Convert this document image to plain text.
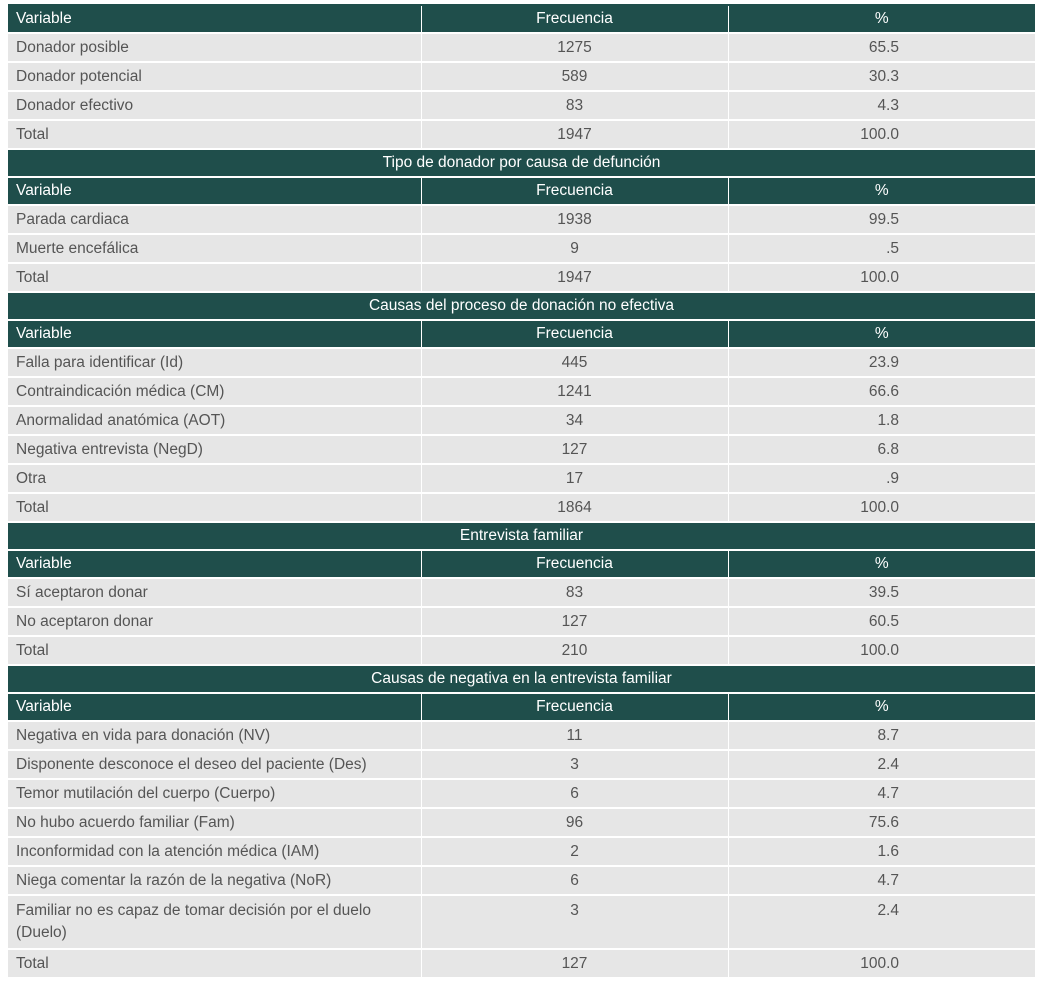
Variable	Frecuencia	%
Donador posible	1275	65.5
Donador potencial	589	30.3
Donador efectivo	83	4.3
Total	1947	100.0
Tipo de donador por causa de defunción		
Variable	Frecuencia	%
Parada cardiaca	1938	99.5
Muerte encefálica	9	.5
Total	1947	100.0
Causas del proceso de donación no efectiva		
Variable	Frecuencia	%
Falla para identificar (Id)	445	23.9
Contraindicación médica (CM)	1241	66.6
Anormalidad anatómica (AOT)	34	1.8
Negativa entrevista (NegD)	127	6.8
Otra	17	.9
Total	1864	100.0
Entrevista familiar		
Variable	Frecuencia	%
Sí aceptaron donar	83	39.5
No aceptaron donar	127	60.5
Total	210	100.0
Causas de negativa en la entrevista familiar		
Variable	Frecuencia	%
Negativa en vida para donación (NV)	11	8.7
Disponente desconoce el deseo del paciente (Des)	3	2.4
Temor mutilación del cuerpo (Cuerpo)	6	4.7
No hubo acuerdo familiar (Fam)	96	75.6
Inconformidad con la atención médica (IAM)	2	1.6
Niega comentar la razón de la negativa (NoR)	6	4.7
Familiar no es capaz de tomar decisión por el duelo (Duelo)	3	2.4
Total	127	100.0
